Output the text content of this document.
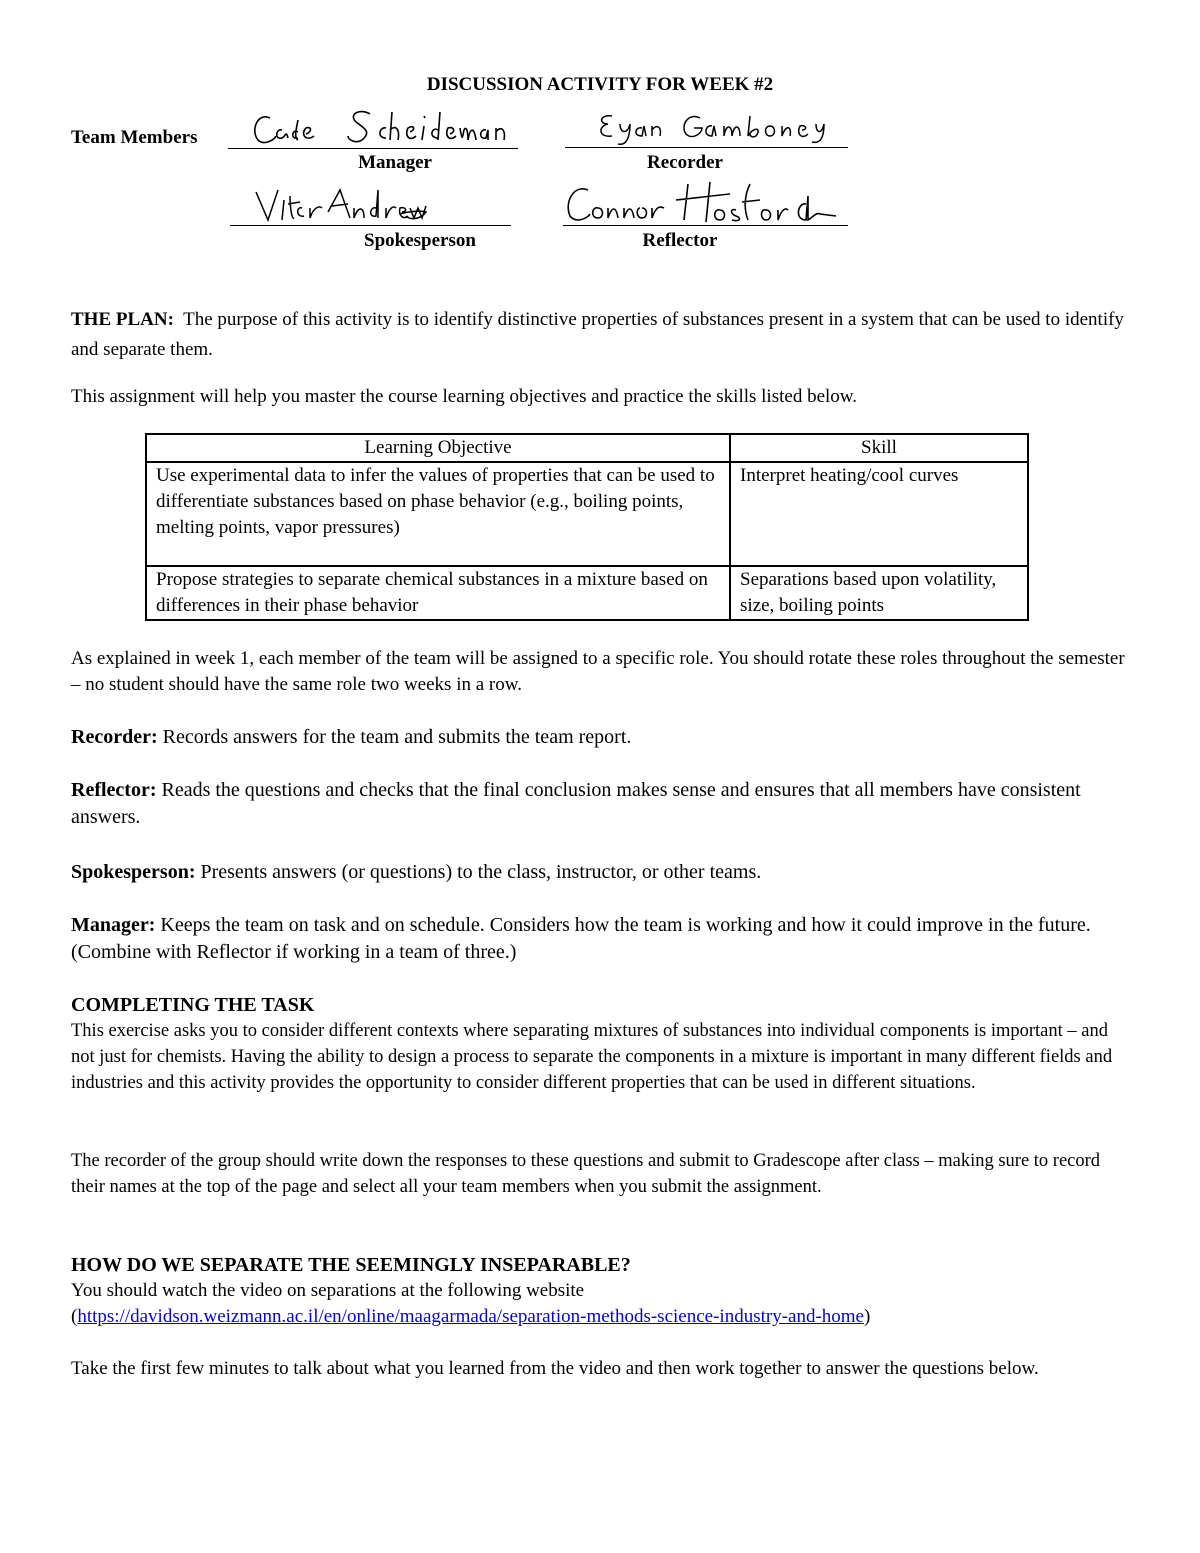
DISCUSSION ACTIVITY FOR WEEK #2
Team Members
Manager	Recorder
Spokesperson	Reflector

THE PLAN: The purpose of this activity is to identify distinctive properties of substances present in a system that can be used to identify and separate them.

This assignment will help you master the course learning objectives and practice the skills listed below.

Learning Objective	Skill
Use experimental data to infer the values of properties that can be used to differentiate substances based on phase behavior (e.g., boiling points, melting points, vapor pressures)	Interpret heating/cool curves
Propose strategies to separate chemical substances in a mixture based on differences in their phase behavior	Separations based upon volatility, size, boiling points

As explained in week 1, each member of the team will be assigned to a specific role. You should rotate these roles throughout the semester – no student should have the same role two weeks in a row.

Recorder: Records answers for the team and submits the team report.

Reflector: Reads the questions and checks that the final conclusion makes sense and ensures that all members have consistent answers.

Spokesperson: Presents answers (or questions) to the class, instructor, or other teams.

Manager: Keeps the team on task and on schedule. Considers how the team is working and how it could improve in the future. (Combine with Reflector if working in a team of three.)

COMPLETING THE TASK

This exercise asks you to consider different contexts where separating mixtures of substances into individual components is important – and not just for chemists. Having the ability to design a process to separate the components in a mixture is important in many different fields and industries and this activity provides the opportunity to consider different properties that can be used in different situations.

The recorder of the group should write down the responses to these questions and submit to Gradescope after class – making sure to record their names at the top of the page and select all your team members when you submit the assignment.

HOW DO WE SEPARATE THE SEEMINGLY INSEPARABLE?

You should watch the video on separations at the following website

(https://davidson.weizmann.ac.il/en/online/maagarmada/separation-methods-science-industry-and-home)

Take the first few minutes to talk about what you learned from the video and then work together to answer the questions below.
